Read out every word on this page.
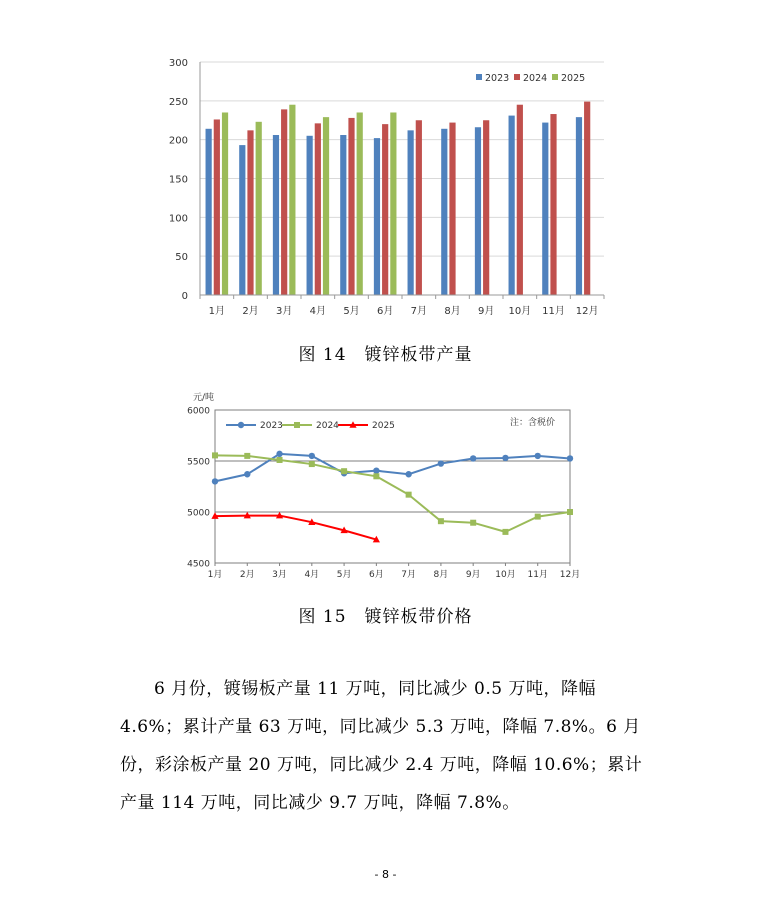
0
50
100
150
200
250
300
1月 2月 3月 4月 5月 6月 7月 8月 9月 10月 11月 12月
2023 2024 2025
图 14　镀锌板带产量
注：含税价
4500
5000
5500
6000
元/吨
1月 2月 3月 4月 5月 6月 7月 8月 9月 10月 11月 12月
2023	2024	2025
图 15　镀锌板带价格

6 月份，镀锡板产量 11 万吨，同比减少 0.5 万吨，降幅

4.6%；累计产量 63 万吨，同比减少 5.3 万吨，降幅 7.8%。6 月
份，彩涂板产量 20 万吨，同比减少 2.4 万吨，降幅 10.6%；累计
产量 114 万吨，同比减少 9.7 万吨，降幅 7.8%。
- 8 -
